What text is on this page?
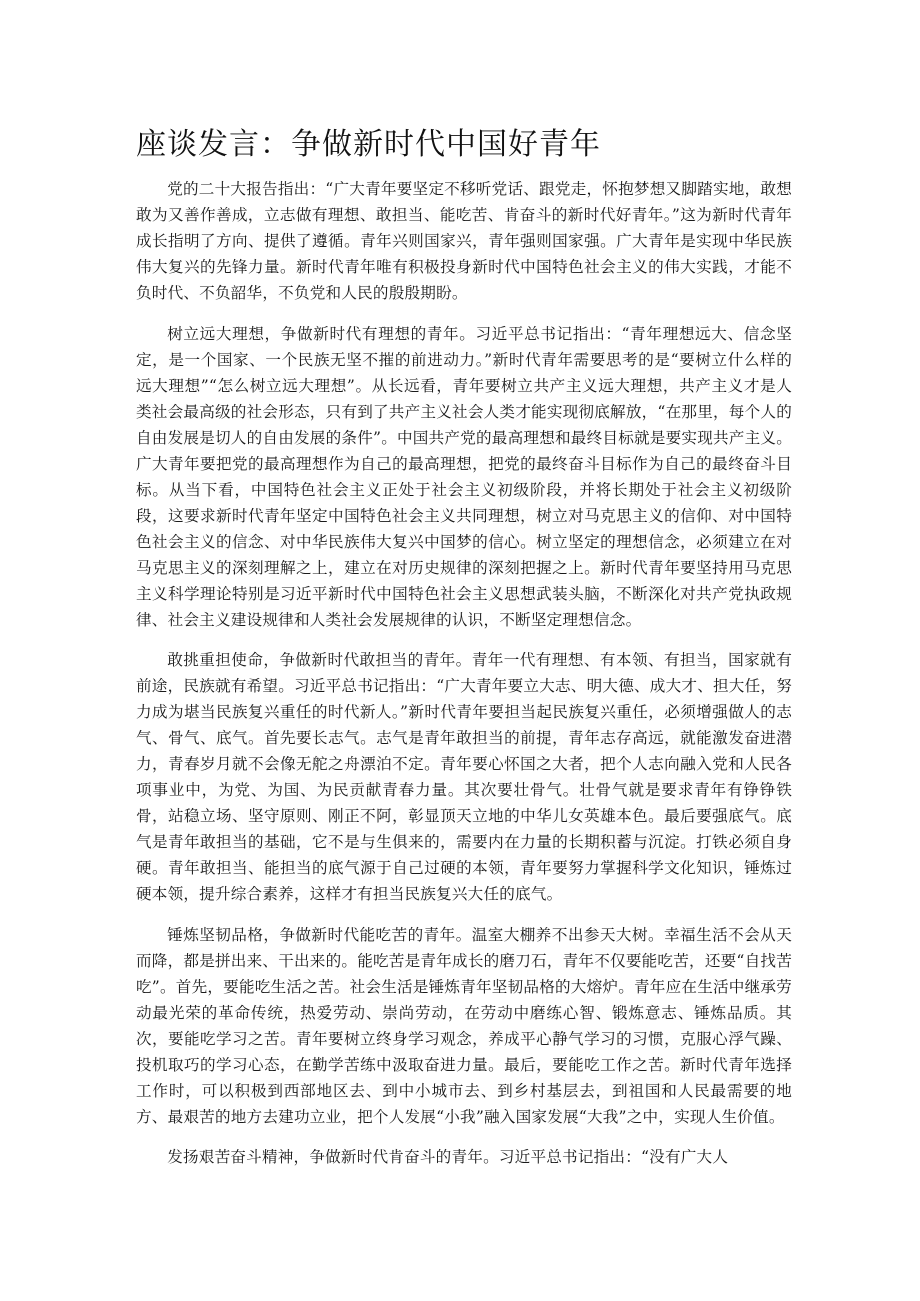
座谈发言：争做新时代中国好青年

党的二十大报告指出：“广大青年要坚定不移听党话、跟党走，怀抱梦想又脚踏实地，敢想敢为又善作善成，立志做有理想、敢担当、能吃苦、肯奋斗的新时代好青年。”这为新时代青年成长指明了方向、提供了遵循。青年兴则国家兴，青年强则国家强。广大青年是实现中华民族伟大复兴的先锋力量。新时代青年唯有积极投身新时代中国特色社会主义的伟大实践，才能不负时代、不负韶华，不负党和人民的殷殷期盼。

树立远大理想，争做新时代有理想的青年。习近平总书记指出：“青年理想远大、信念坚定，是一个国家、一个民族无坚不摧的前进动力。”新时代青年需要思考的是“要树立什么样的远大理想”“怎么树立远大理想”。从长远看，青年要树立共产主义远大理想，共产主义才是人类社会最高级的社会形态，只有到了共产主义社会人类才能实现彻底解放，“在那里，每个人的自由发展是切人的自由发展的条件”。中国共产党的最高理想和最终目标就是要实现共产主义。广大青年要把党的最高理想作为自己的最高理想，把党的最终奋斗目标作为自己的最终奋斗目标。从当下看，中国特色社会主义正处于社会主义初级阶段，并将长期处于社会主义初级阶段，这要求新时代青年坚定中国特色社会主义共同理想，树立对马克思主义的信仰、对中国特色社会主义的信念、对中华民族伟大复兴中国梦的信心。树立坚定的理想信念，必须建立在对马克思主义的深刻理解之上，建立在对历史规律的深刻把握之上。新时代青年要坚持用马克思主义科学理论特别是习近平新时代中国特色社会主义思想武装头脑，不断深化对共产党执政规律、社会主义建设规律和人类社会发展规律的认识，不断坚定理想信念。

敢挑重担使命，争做新时代敢担当的青年。青年一代有理想、有本领、有担当，国家就有前途，民族就有希望。习近平总书记指出：“广大青年要立大志、明大德、成大才、担大任，努力成为堪当民族复兴重任的时代新人。”新时代青年要担当起民族复兴重任，必须增强做人的志气、骨气、底气。首先要长志气。志气是青年敢担当的前提，青年志存高远，就能激发奋进潜力，青春岁月就不会像无舵之舟漂泊不定。青年要心怀国之大者，把个人志向融入党和人民各项事业中，为党、为国、为民贡献青春力量。其次要壮骨气。壮骨气就是要求青年有铮铮铁骨，站稳立场、坚守原则、刚正不阿，彰显顶天立地的中华儿女英雄本色。最后要强底气。底气是青年敢担当的基础，它不是与生俱来的，需要内在力量的长期积蓄与沉淀。打铁必须自身硬。青年敢担当、能担当的底气源于自己过硬的本领，青年要努力掌握科学文化知识，锤炼过硬本领，提升综合素养，这样才有担当民族复兴大任的底气。

锤炼坚韧品格，争做新时代能吃苦的青年。温室大棚养不出参天大树。幸福生活不会从天而降，都是拼出来、干出来的。能吃苦是青年成长的磨刀石，青年不仅要能吃苦，还要“自找苦吃”。首先，要能吃生活之苦。社会生活是锤炼青年坚韧品格的大熔炉。青年应在生活中继承劳动最光荣的革命传统，热爱劳动、崇尚劳动，在劳动中磨练心智、锻炼意志、锤炼品质。其次，要能吃学习之苦。青年要树立终身学习观念，养成平心静气学习的习惯，克服心浮气躁、投机取巧的学习心态，在勤学苦练中汲取奋进力量。最后，要能吃工作之苦。新时代青年选择工作时，可以积极到西部地区去、到中小城市去、到乡村基层去，到祖国和人民最需要的地方、最艰苦的地方去建功立业，把个人发展“小我”融入国家发展“大我”之中，实现人生价值。

发扬艰苦奋斗精神，争做新时代肯奋斗的青年。习近平总书记指出：“没有广大人
